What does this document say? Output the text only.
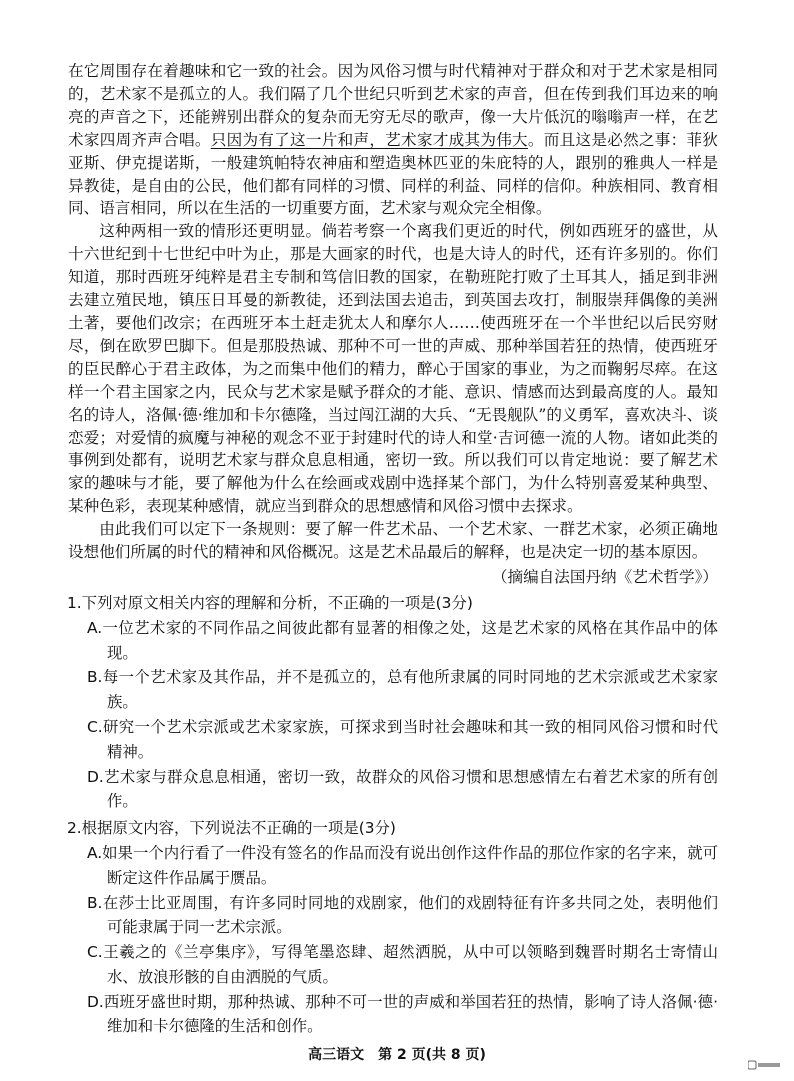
在它周围存在着趣味和它一致的社会。因为风俗习惯与时代精神对于群众和对于艺术家是相同的，艺术家不是孤立的人。我们隔了几个世纪只听到艺术家的声音，但在传到我们耳边来的响亮的声音之下，还能辨别出群众的复杂而无穷无尽的歌声，像一大片低沉的嗡嗡声一样，在艺术家四周齐声合唱。只因为有了这一片和声，艺术家才成其为伟大。而且这是必然之事：菲狄亚斯、伊克提诺斯，一般建筑帕特农神庙和塑造奥林匹亚的朱庇特的人，跟别的雅典人一样是异教徒，是自由的公民，他们都有同样的习惯、同样的利益、同样的信仰。种族相同、教育相同、语言相同，所以在生活的一切重要方面，艺术家与观众完全相像。

这种两相一致的情形还更明显。倘若考察一个离我们更近的时代，例如西班牙的盛世，从十六世纪到十七世纪中叶为止，那是大画家的时代，也是大诗人的时代，还有许多别的。你们知道，那时西班牙纯粹是君主专制和笃信旧教的国家，在勒班陀打败了土耳其人，插足到非洲去建立殖民地，镇压日耳曼的新教徒，还到法国去追击，到英国去攻打，制服崇拜偶像的美洲土著，要他们改宗；在西班牙本土赶走犹太人和摩尔人……使西班牙在一个半世纪以后民穷财尽，倒在欧罗巴脚下。但是那股热诚、那种不可一世的声威、那种举国若狂的热情，使西班牙的臣民醉心于君主政体，为之而集中他们的精力，醉心于国家的事业，为之而鞠躬尽瘁。在这样一个君主国家之内，民众与艺术家是赋予群众的才能、意识、情感而达到最高度的人。最知名的诗人，洛佩·德·维加和卡尔德隆，当过闯江湖的大兵、“无畏舰队”的义勇军，喜欢决斗、谈恋爱；对爱情的疯魔与神秘的观念不亚于封建时代的诗人和堂·吉诃德一流的人物。诸如此类的事例到处都有，说明艺术家与群众息息相通，密切一致。所以我们可以肯定地说：要了解艺术家的趣味与才能，要了解他为什么在绘画或戏剧中选择某个部门，为什么特别喜爱某种典型、某种色彩，表现某种感情，就应当到群众的思想感情和风俗习惯中去探求。

由此我们可以定下一条规则：要了解一件艺术品、一个艺术家、一群艺术家，必须正确地设想他们所属的时代的精神和风俗概况。这是艺术品最后的解释，也是决定一切的基本原因。

（摘编自法国丹纳《艺术哲学》）
1.下列对原文相关内容的理解和分析，不正确的一项是(3分)
A.一位艺术家的不同作品之间彼此都有显著的相像之处，这是艺术家的风格在其作品中的体现。
B.每一个艺术家及其作品，并不是孤立的，总有他所隶属的同时同地的艺术宗派或艺术家家族。
C.研究一个艺术宗派或艺术家家族，可探求到当时社会趣味和其一致的相同风俗习惯和时代精神。
D.艺术家与群众息息相通，密切一致，故群众的风俗习惯和思想感情左右着艺术家的所有创作。
2.根据原文内容，下列说法不正确的一项是(3分)
A.如果一个内行看了一件没有签名的作品而没有说出创作这件作品的那位作家的名字来，就可断定这件作品属于赝品。
B.在莎士比亚周围，有许多同时同地的戏剧家，他们的戏剧特征有许多共同之处，表明他们可能隶属于同一艺术宗派。
C.王羲之的《兰亭集序》，写得笔墨恣肆、超然洒脱，从中可以领略到魏晋时期名士寄情山水、放浪形骸的自由洒脱的气质。
D.西班牙盛世时期，那种热诚、那种不可一世的声威和举国若狂的热情，影响了诗人洛佩·德·维加和卡尔德隆的生活和创作。
高三语文　第 2 页(共 8 页)
